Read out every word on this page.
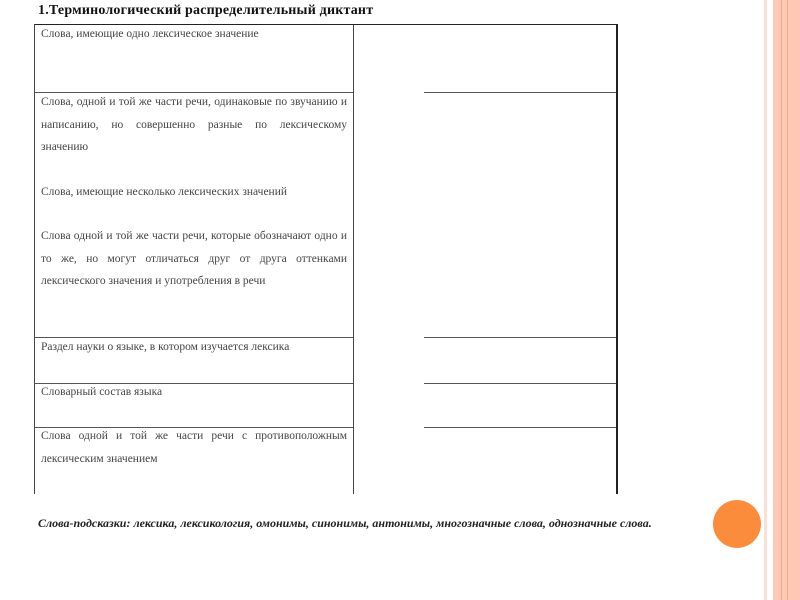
1.Терминологический распределительный диктант
Слова, имеющие одно лексическое значение
Слова, одной и той же части речи, одинаковые по звучанию и написанию, но совершенно разные по лексическому значению
Слова, имеющие несколько лексических значений
Слова одной и той же части речи, которые обозначают одно и то же, но могут отличаться друг от друга оттенками лексического значения и употребления в речи
Раздел науки о языке, в котором изучается лексика
Словарный состав языка
Слова одной и той же части речи с противоположным лексическим значением
Слова-подсказки: лексика, лексикология, омонимы, синонимы, антонимы, многозначные слова, однозначные слова.
